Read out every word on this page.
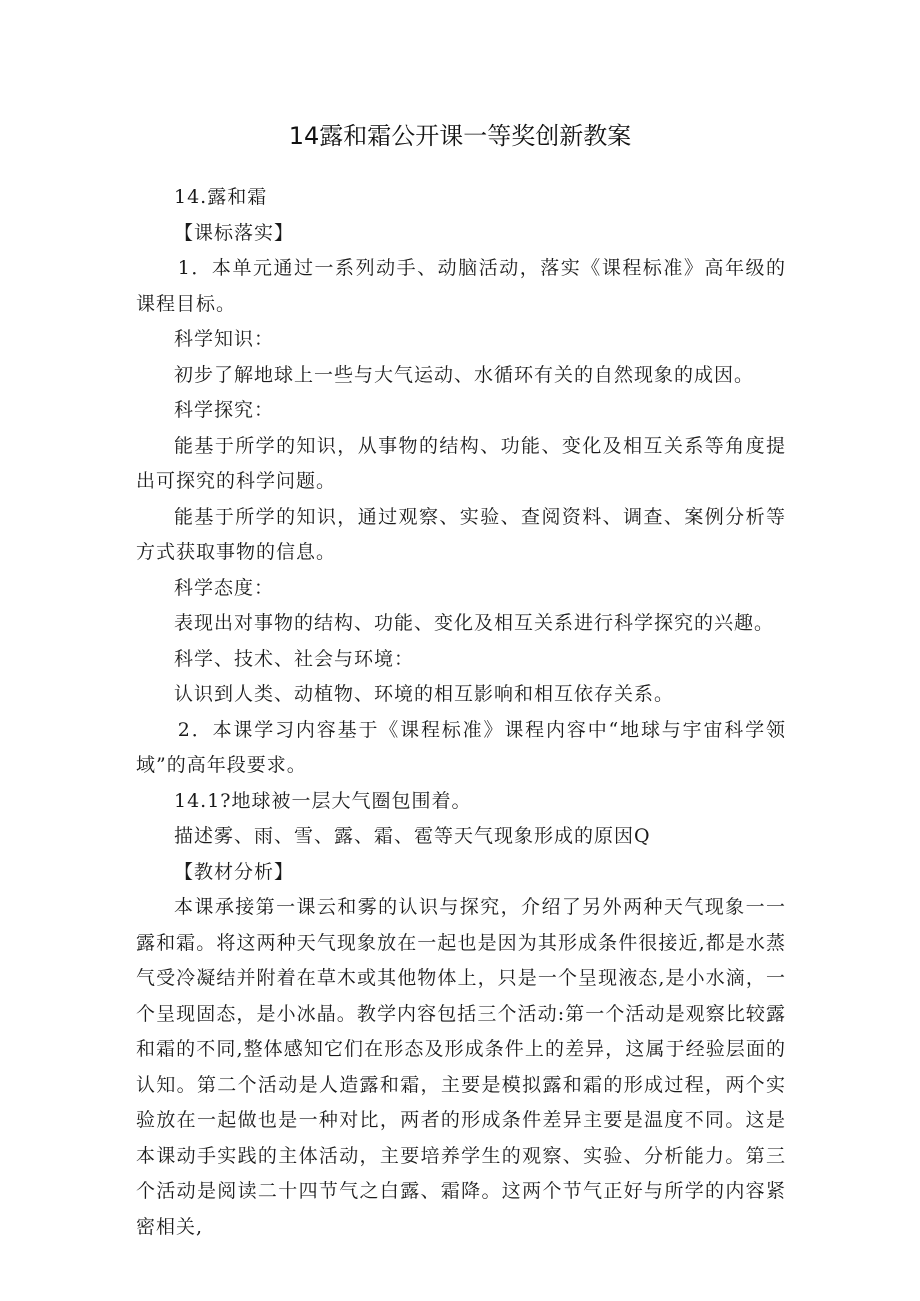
14露和霜公开课一等奖创新教案

14.露和霜

【课标落实】

1．本单元通过一系列动手、动脑活动，落实《课程标准》高年级的课程目标。

科学知识：

初步了解地球上一些与大气运动、水循环有关的自然现象的成因。

科学探究：

能基于所学的知识，从事物的结构、功能、变化及相互关系等角度提出可探究的科学问题。

能基于所学的知识，通过观察、实验、查阅资料、调查、案例分析等方式获取事物的信息。

科学态度：

表现出对事物的结构、功能、变化及相互关系进行科学探究的兴趣。

科学、技术、社会与环境：

认识到人类、动植物、环境的相互影响和相互依存关系。

2．本课学习内容基于《课程标准》课程内容中“地球与宇宙科学领域”的高年段要求。

14.1?地球被一层大气圈包围着。

描述雾、雨、雪、露、霜、雹等天气现象形成的原因Q

【教材分析】

本课承接第一课云和雾的认识与探究，介绍了另外两种天气现象一一露和霜。将这两种天气现象放在一起也是因为其形成条件很接近,都是水蒸气受冷凝结并附着在草木或其他物体上，只是一个呈现液态,是小水滴，一个呈现固态，是小冰晶。教学内容包括三个活动:第一个活动是观察比较露和霜的不同,整体感知它们在形态及形成条件上的差异，这属于经验层面的认知。第二个活动是人造露和霜，主要是模拟露和霜的形成过程，两个实验放在一起做也是一种对比，两者的形成条件差异主要是温度不同。这是本课动手实践的主体活动，主要培养学生的观察、实验、分析能力。第三个活动是阅读二十四节气之白露、霜降。这两个节气正好与所学的内容紧密相关,
